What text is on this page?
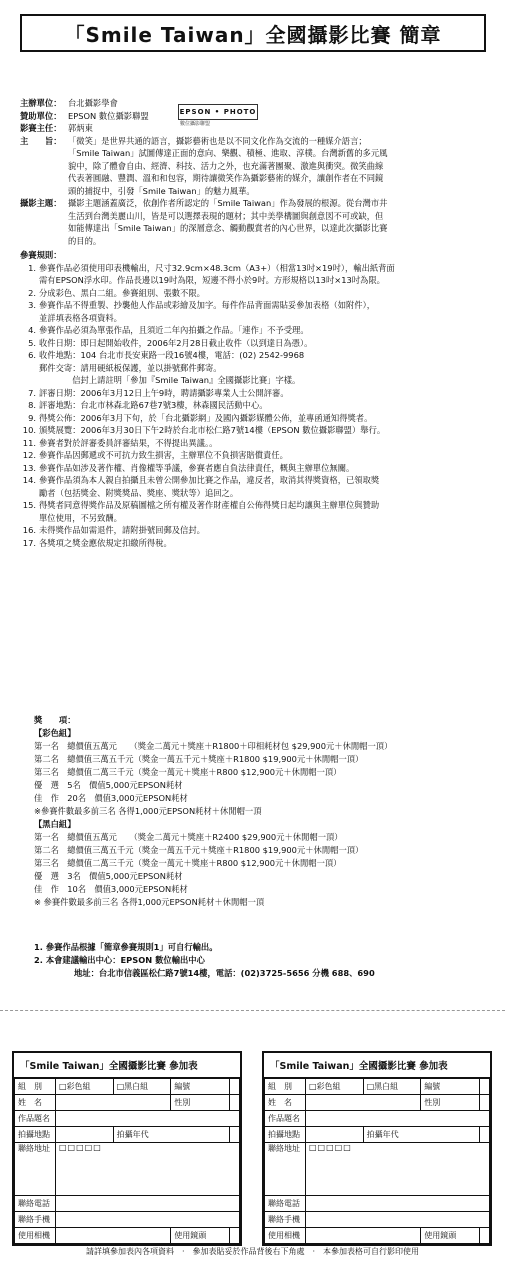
「Smile Taiwan」全國攝影比賽 簡章
主辦單位： 台北攝影學會
贊助單位： EPSON 數位攝影聯盟
影賽主任： 郭炳東
主　　旨： 「微笑」是世界共通的語言，攝影藝術也是以不同文化作為交流的一種媒介語言；
「Smile Taiwan」試圖傳達正面的意向、樂觀、積極、進取、淳樸。台灣新舊的多元風
貌中，除了體會自由、經濟、科技、活力之外，也充滿著團聚、激進與衝突。微笑曲線
代表著圓融、豐潤、溫和和包容，期待讓微笑作為攝影藝術的媒介，讓創作者在不同鏡
頭的捕捉中，引發「Smile Taiwan」的魅力風華。
攝影主題： 攝影主題涵蓋廣泛，依創作者所認定的「Smile Taiwan」作為發展的根源。從台灣市井
生活到台灣美麗山川，皆是可以選擇表現的題材；其中美學構圖與創意図不可或缺，但
如能傳達出「Smile Taiwan」的深層意念、觸動觀賞者的內心世界，以達此次攝影比賽
的目的。
參賽規則：
1. 參賽作品必須使用印表機輸出，尺寸32.9cm×48.3cm（A3+）（相當13吋×19吋），輸出紙背面
需有EPSON浮水印。作品長邊以19吋為限，短邊不得小於9吋。方形規格以13吋×13吋為限。
2. 分成彩色、黑白二組。參賽組別、張數不限。
3. 參賽作品不得重製、抄襲他人作品或彩繪及加字。每件作品背面需貼妥參加表格（如附件），
並詳填表格各項資料。
4. 參賽作品必須為單張作品，且須近二年內拍攝之作品。「連作」不予受理。
5. 收件日期：即日起開始收件，2006年2月28日截止收件（以到達日為憑）。
6. 收件地點：104 台北市長安東路一段16號4樓，電話：(02) 2542-9968
郵件交寄：請用硬紙板保護，並以掛號郵件郵寄。
　　　　信封上請註明「參加『Smile Taiwan』全國攝影比賽」字樣。
7. 評審日期：2006年3月12日上午9時，聘請攝影專業人士公開評審。
8. 評審地點：台北市林森北路67巷7號3樓，林森國民活動中心。
9. 得獎公佈：2006年3月下旬，於「台北攝影網」及國內攝影媒體公佈，並專函通知得獎者。
10. 頒獎展覽：2006年3月30日下午2時於台北市松仁路7號14樓（EPSON 數位攝影聯盟）舉行。
11. 參賽者對於評審委員評審結果，不得提出異議。。
12. 參賽作品因郵遞或不可抗力致生損害，主辦單位不負損害賠償責任。
13. 參賽作品如涉及著作權、肖像權等爭議，參賽者應自負法律責任，概與主辦單位無關。
14. 參賽作品須為本人親自拍攝且未曾公開參加比賽之作品，違反者，取消其得獎資格，已領取獎
勵者（包括獎金、附獎獎品、獎座、獎狀等）追回之。
15. 得獎者同意得獎作品及原稿圖檔之所有權及著作財產權自公佈得獎日起均讓與主辦單位與贊助
單位使用，不另致酬。
16. 未得獎作品如需退件，請附掛號回郵及信封。
17. 各獎項之獎金應依規定扣繳所得稅。
EPSON • PHOTO
數位攝影聯盟
獎　　項：
【彩色組】
第一名　總價值五萬元　　（獎金二萬元＋獎座＋R1800＋印相耗材包 $29,900元＋休閒帽一頂）
第二名　總價值三萬五千元（獎金一萬五千元＋獎座＋R1800 $19,900元＋休閒帽一頂）
第三名　總價值二萬三千元（獎金一萬元＋獎座＋R800 $12,900元＋休閒帽一頂）
優　選　5名　價值5,000元EPSON耗材
佳　作　20名　價值3,000元EPSON耗材
※參賽件數最多前三名 各得1,000元EPSON耗材＋休閒帽一頂
【黑白組】
第一名　總價值五萬元　　（獎金二萬元＋獎座＋R2400 $29,900元＋休閒帽一頂）
第二名　總價值三萬五千元（獎金一萬五千元＋獎座＋R1800 $19,900元＋休閒帽一頂）
第三名　總價值二萬三千元（獎金一萬元＋獎座＋R800 $12,900元＋休閒帽一頂）
優　選　3名　價值5,000元EPSON耗材
佳　作　10名　價值3,000元EPSON耗材
※ 參賽件數最多前三名 各得1,000元EPSON耗材＋休閒帽一頂
1. 參賽作品根據「簡章參賽規則1」可自行輸出。
2. 本會建議輸出中心：EPSON 數位輸出中心
地址：台北市信義區松仁路7號14樓，電話：(02)3725-5656 分機 688、690
「Smile Taiwan」全國攝影比賽 參加表
組　別	□彩色組	□黑白組	編號	
姓　名			性別	
作品題名				
拍攝地點		拍攝年代		
聯絡地址	□□□□□			
聯絡電話				
聯絡手機				
使用相機			使用鏡頭	
「Smile Taiwan」全國攝影比賽 參加表
組　別	□彩色組	□黑白組	編號	
姓　名			性別	
作品題名				
拍攝地點		拍攝年代		
聯絡地址	□□□□□			
聯絡電話				
聯絡手機				
使用相機			使用鏡頭	
請詳填參加表內各項資料　‧　參加表貼妥於作品背後右下角處　‧　本參加表格可自行影印使用
